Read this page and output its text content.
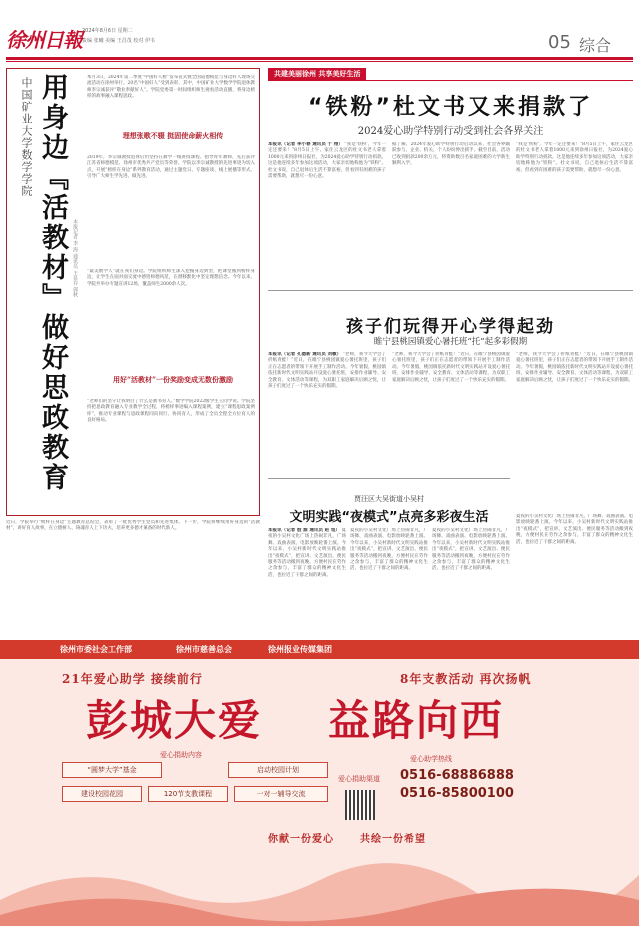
徐州日報 2024年8月6日 星期二
责编 张曦 美编 王昌茂 校对 伊韦	05 综合
中国矿业大学数学学院 用身边『活教材』做好思政教育 本报记者 李 海 通讯员 王显存 郭秋
本月3日，2024年第二季度“中国好人榜”发布仪式暨全国道德模范与身边好人现场交流活动在徐州举行。20名“中国好人”受到表彰，其中，中国矿业大学数学学院退休教师李宗诚获评“敬业奉献好人”。学院党委第一时间组织师生观看活动直播，将身边榜样的故事融入课程思政。
理想张歌不辍 挺固使命薪火相传
2019年，李宗诚教授退休后仍坚持在教学一线讲授课程、指导青年教师，先后获评江苏省师德模范、徐州市优秀共产党员等荣誉。学院以李宗诚教授的先进事迹为切入点，开展“榜样在身边”系列教育活动，通过主题党日、专题座谈、线上展播等形式，引导广大师生学先进、做先进。
“最美数学人”就在我们身边。学院组织师生深入挖掘身边典型，把课堂搬到榜样身边，让学生在面对面交流中感悟师德风范，在潜移默化中坚定理想信念。今年以来，学院共举办专题宣讲12场，覆盖师生2000余人次。
用好“活教材”一份奖励变成无数份激励
“老师们的坚守让我明白了什么是教书育人。”数学学院2022级学生王同学说。学院坚持把思政教育融入专业教学全过程，将榜样事迹编入课程案例，建立“课程思政案例库”，推动专业课程与思政课程同向同行、协同育人，形成了全员全程全方位育人的良好格局。
近日，学院举行“榜样在身边”主题教育总结会，表彰了一批优秀学生党员和先进集体。下一步，学院将继续用好身边的“活教材”，讲好育人故事，在立德树人、铸魂育人上下功夫，培养更多德才兼备的时代新人。
共建美丽徐州 共享美好生活
“铁粉”杜文书又来捐款了
2024爱心助学特别行动受到社会各界关注
本报讯（记者 李小春 通讯员 于 翔） “我是‘铁粉’，今年一定还要来！”8月5日上午，家住云龙区的杜文书老人拿着1000元来到徐州日报社，为2024爱心助学特别行动捐款。这是他连续多年参加这项活动，大家亲切地称他为“铁粉”。杜文书说，自己退休后生活不算富裕，但看到有困难的孩子需要帮助，就想尽一份心意。
据了解，2024年爱心助学特别行动启动以来，社会各界踊跃参与，企业、机关、个人纷纷伸出援手。截至目前，活动已收到捐款200余万元，将资助数百名家庭困难的大学新生顺利入学。
“我是‘铁粉’，今年一定还要来！”8月5日上午，家住云龙区的杜文书老人拿着1000元来到徐州日报社，为2024爱心助学特别行动捐款。这是他连续多年参加这项活动，大家亲切地称他为“铁粉”。杜文书说，自己退休后生活不算富裕，但看到有困难的孩子需要帮助，就想尽一份心意。
孩子们玩得开心学得起劲
睢宁县桃园镇爱心暑托班“托”起多彩假期
本报讯（记者 孔德新 通讯员 刘敏） “老师，我今天学会了折纸青蛙！”近日，在睢宁县桃园镇爱心暑托班里，孩子们正在志愿者的带领下开展手工制作活动。今年暑假，桃园镇依托新时代文明实践站开设爱心暑托班，安排作业辅导、安全教育、文体活动等课程，为双职工家庭解决后顾之忧，让孩子们度过了一个快乐充实的假期。
“老师，我今天学会了折纸青蛙！”近日，在睢宁县桃园镇爱心暑托班里，孩子们正在志愿者的带领下开展手工制作活动。今年暑假，桃园镇依托新时代文明实践站开设爱心暑托班，安排作业辅导、安全教育、文体活动等课程，为双职工家庭解决后顾之忧，让孩子们度过了一个快乐充实的假期。
“老师，我今天学会了折纸青蛙！”近日，在睢宁县桃园镇爱心暑托班里，孩子们正在志愿者的带领下开展手工制作活动。今年暑假，桃园镇依托新时代文明实践站开设爱心暑托班，安排作业辅导、安全教育、文体活动等课程，为双职工家庭解决后顾之忧，让孩子们度过了一个快乐充实的假期。
贾汪区大吴街道小吴村
文明实践“夜模式”点亮多彩夜生活
本报讯（记者 殷 源 通讯员 赵 旭） 夏夜的小吴村文化广场上热闹非凡，广场舞、戏曲表演、电影放映轮番上演。今年以来，小吴村新时代文明实践站推出“夜模式”，把宣讲、文艺演出、便民服务等活动搬到夜晚，方便村民在劳作之余参与，丰富了群众的精神文化生活，也拉近了干群之间的距离。
夏夜的小吴村文化广场上热闹非凡，广场舞、戏曲表演、电影放映轮番上演。今年以来，小吴村新时代文明实践站推出“夜模式”，把宣讲、文艺演出、便民服务等活动搬到夜晚，方便村民在劳作之余参与，丰富了群众的精神文化生活，也拉近了干群之间的距离。
夏夜的小吴村文化广场上热闹非凡，广场舞、戏曲表演、电影放映轮番上演。今年以来，小吴村新时代文明实践站推出“夜模式”，把宣讲、文艺演出、便民服务等活动搬到夜晚，方便村民在劳作之余参与，丰富了群众的精神文化生活，也拉近了干群之间的距离。
夏夜的小吴村文化广场上热闹非凡，广场舞、戏曲表演、电影放映轮番上演。今年以来，小吴村新时代文明实践站推出“夜模式”，把宣讲、文艺演出、便民服务等活动搬到夜晚，方便村民在劳作之余参与，丰富了群众的精神文化生活，也拉近了干群之间的距离。
徐州市委社会工作部	徐州市慈善总会	徐州报业传媒集团
21年爱心助学 接续前行	8年支教活动 再次扬帆
彭城大爱 益路向西
爱心捐助内容
“圆梦大学”基金	启动校园计划
建设校园花园	120节支教课程	一对一辅导交流
爱心捐助渠道
爱心助学热线
0516-68886888
0516-85800100
你献一份爱心	共绘一份希望
